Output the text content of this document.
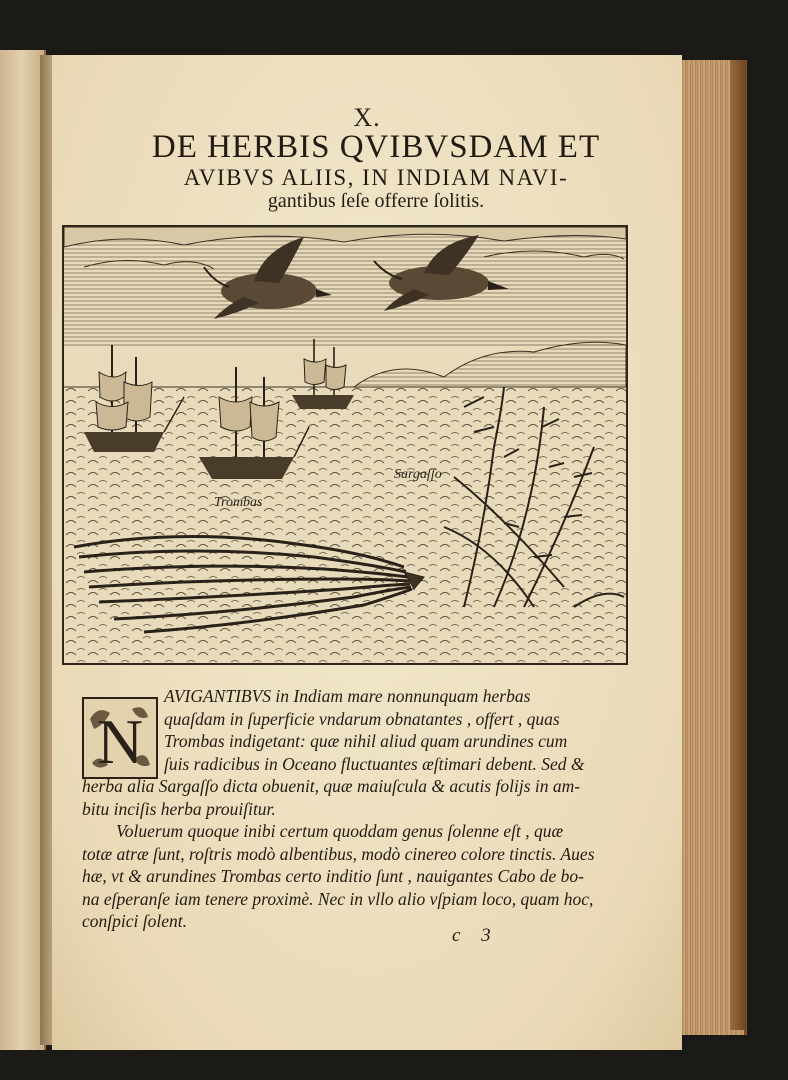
X.
DE HERBIS QVIBVSDAM ET
AVIBVS ALIIS, IN INDIAM NAVI-
gantibus ſeſe offerre ſolitis.
Trombas
Sargaſſo
N
AVIGANTIBVS in Indiam mare nonnunquam herbas
quaſdam in ſuperficie vndarum obnatantes , offert , quas
Trombas indigetant: quæ nihil aliud quam arundines cum
ſuis radicibus in Oceano fluctuantes æſtimari debent. Sed &
herba alia Sargaſſo dicta obuenit, quæ maiuſcula & acutis folijs in am-
bitu inciſis herba prouiſitur.
Voluerum quoque inibi certum quoddam genus ſolenne eſt , quæ
totæ atræ ſunt, roſtris modò albentibus, modò cinereo colore tinctis. Aues
hæ, vt & arundines Trombas certo inditio ſunt , nauigantes Cabo de bo-
na eſperanſe iam tenere proximè. Nec in vllo alio vſpiam loco, quam hoc,
conſpici ſolent.
c 3
